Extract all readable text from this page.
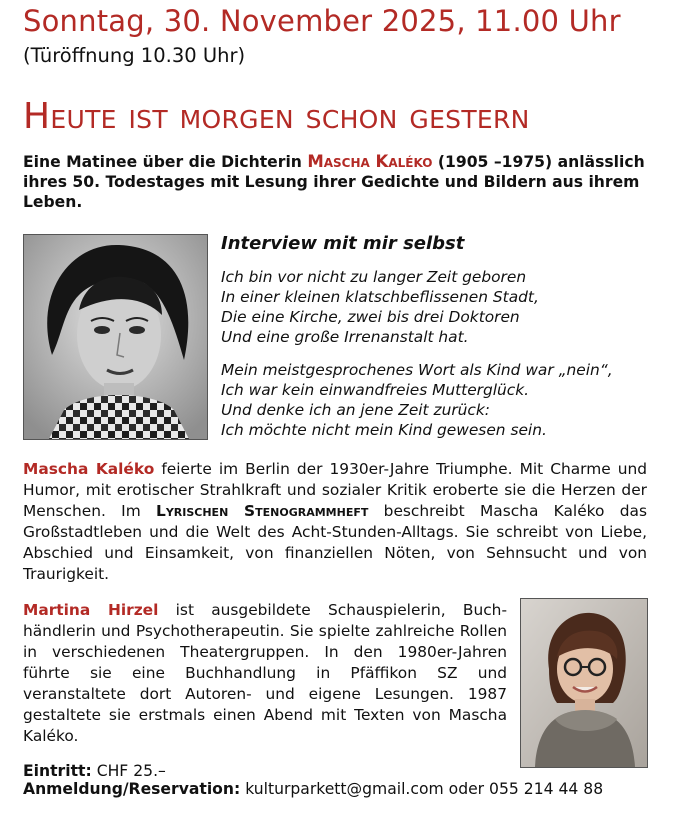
Sonntag, 30. November 2025, 11.00 Uhr
(Türöffnung 10.30 Uhr)
Heute ist morgen schon gestern
Eine Matinee über die Dichterin Mascha Kaléko (1905 –1975) anlässlich ihres 50. Todestages mit Lesung ihrer Gedichte und Bildern aus ihrem Leben.
Interview mit mir selbst
Ich bin vor nicht zu langer Zeit geboren
In einer kleinen klatschbeflissenen Stadt,
Die eine Kirche, zwei bis drei Doktoren
Und eine große Irrenanstalt hat.
Mein meistgesprochenes Wort als Kind war „nein“,
Ich war kein einwandfreies Mutterglück.
Und denke ich an jene Zeit zurück:
Ich möchte nicht mein Kind gewesen sein.
Mascha Kaléko feierte im Berlin der 1930er-Jahre Triumphe. Mit Charme und Humor, mit erotischer Strahlkraft und sozialer Kritik eroberte sie die Herzen der Menschen. Im Lyrischen Stenogrammheft beschreibt Mascha Kaléko das Großstadtleben und die Welt des Acht-Stunden-Alltags. Sie schreibt von Liebe, Abschied und Einsamkeit, von finanziellen Nöten, von Sehnsucht und von Traurigkeit.
Martina Hirzel ist ausgebildete Schauspielerin, Buchhändlerin und Psychotherapeutin. Sie spielte zahlreiche Rollen in verschiedenen Theatergruppen. In den 1980er-Jahren führte sie eine Buchhandlung in Pfäffikon SZ und veranstaltete dort Autoren- und eigene Lesungen. 1987 gestaltete sie erstmals einen Abend mit Texten von Mascha Kaléko.
Eintritt: CHF 25.–
Anmeldung/Reservation: kulturparkett@gmail.com oder 055 214 44 88
